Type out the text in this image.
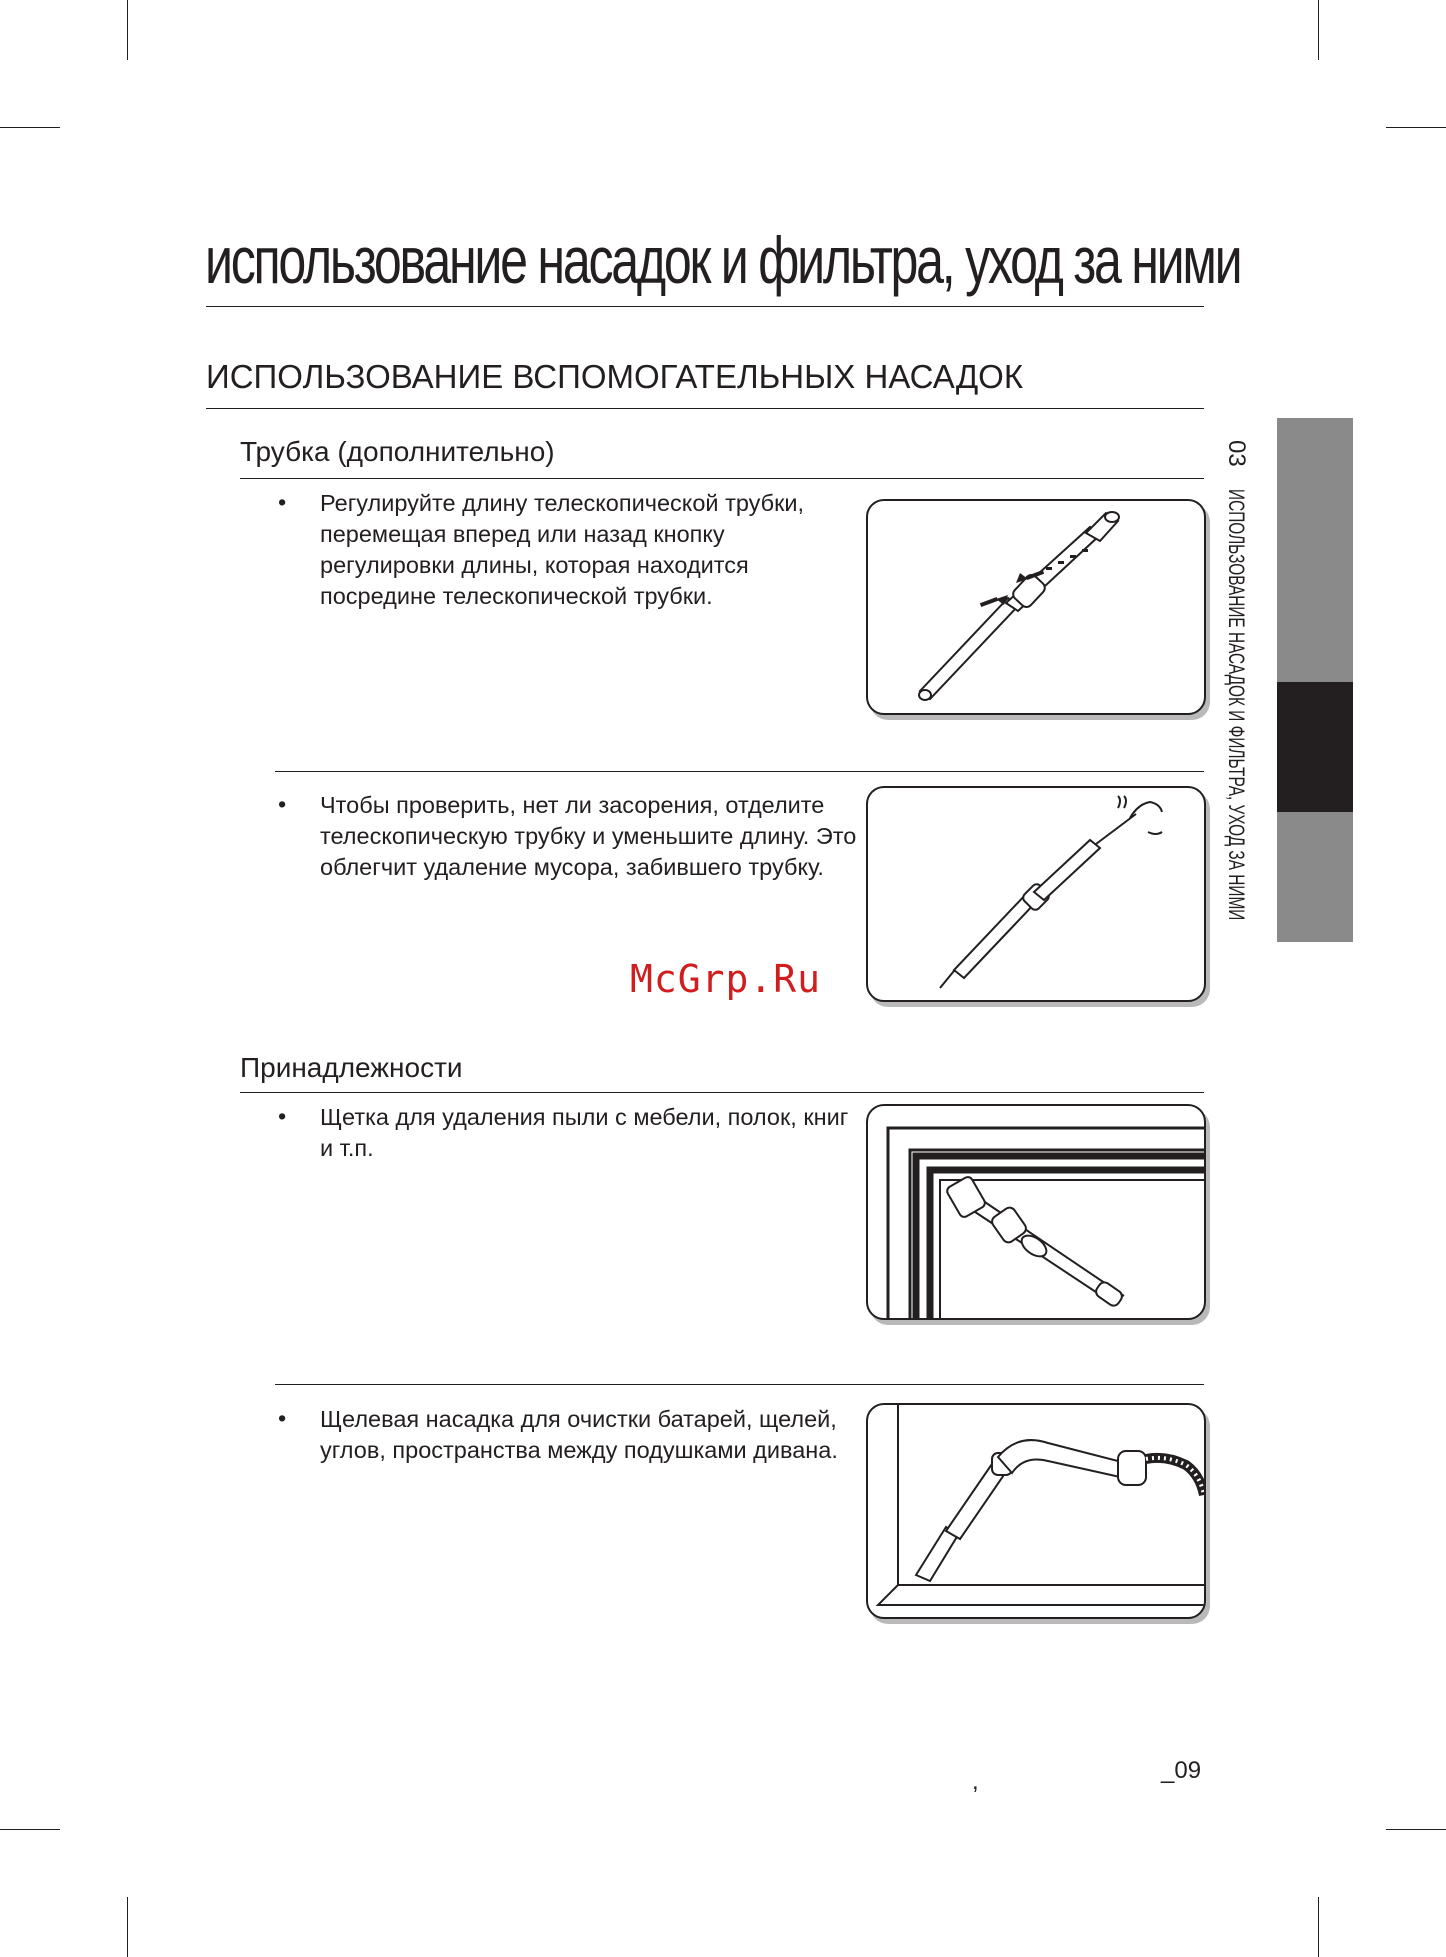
использование насадок и фильтра, уход за ними
ИСПОЛЬЗОВАНИЕ ВСПОМОГАТЕЛЬНЫХ НАСАДОК
03ИСПОЛЬЗОВАНИЕ НАСАДОК И ФИЛЬТРА, УХОД ЗА НИМИ
Трубка (дополнительно)
• Регулируйте длину телескопической трубки, перемещая вперед или назад кнопку регулировки длины, которая находится посредине телескопической трубки.
• Чтобы проверить, нет ли засорения, отделите телескопическую трубку и уменьшите длину. Это облегчит удаление мусора, забившего трубку.
McGrp.Ru
Принадлежности
• Щетка для удаления пыли с мебели, полок, книг и т.п.
• Щелевая насадка для очистки батарей, щелей, углов, пространства между подушками дивана.
,	_09
